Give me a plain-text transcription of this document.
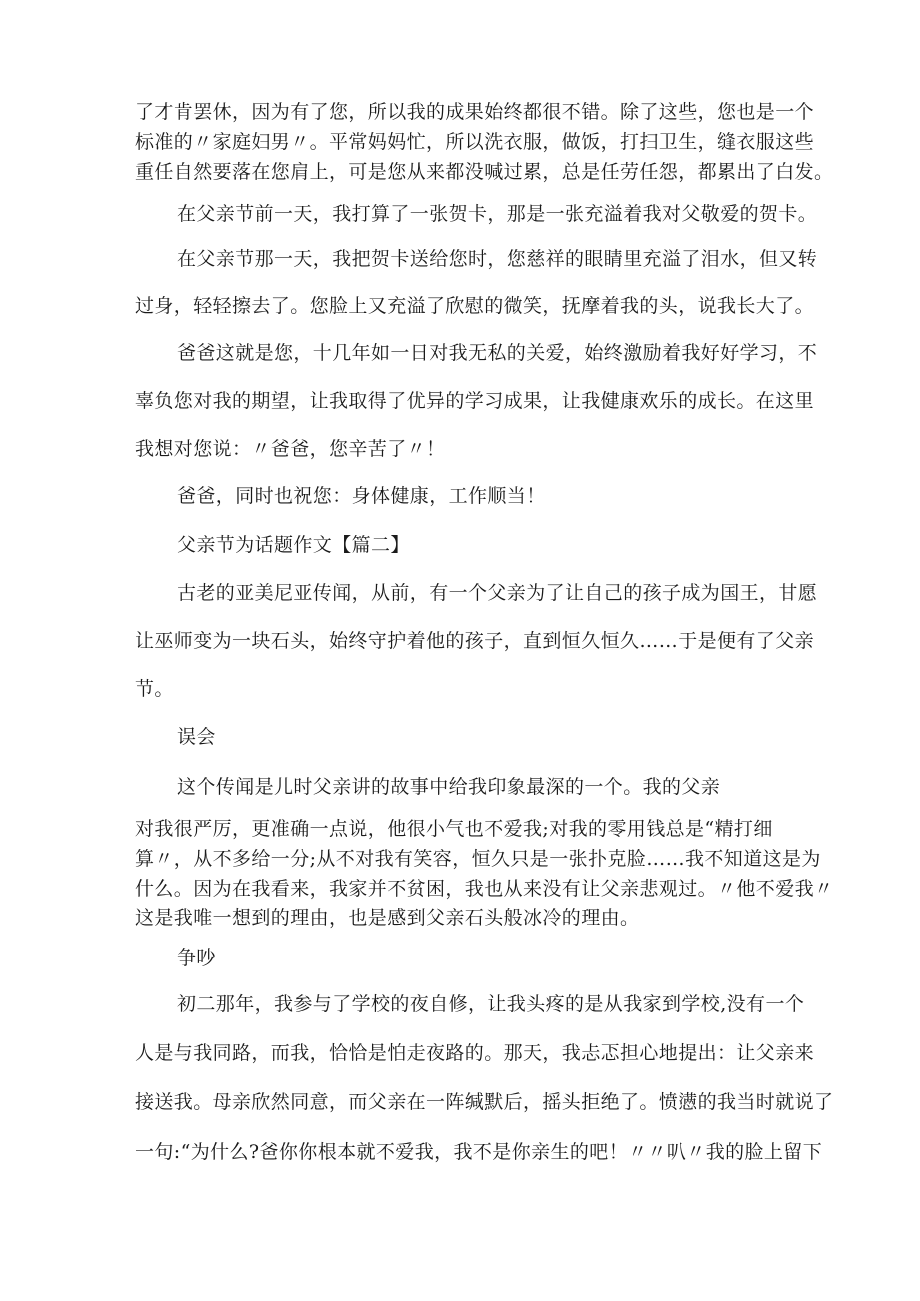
了才肯罢休，因为有了您，所以我的成果始终都很不错。除了这些，您也是一个
标准的〃家庭妇男〃。平常妈妈忙，所以洗衣服，做饭，打扫卫生，缝衣服这些
重任自然要落在您肩上，可是您从来都没喊过累，总是任劳任怨，都累出了白发。
在父亲节前一天，我打算了一张贺卡，那是一张充溢着我对父敬爱的贺卡。
在父亲节那一天，我把贺卡送给您时，您慈祥的眼睛里充溢了泪水，但又转
过身，轻轻擦去了。您脸上又充溢了欣慰的微笑，抚摩着我的头，说我长大了。
爸爸这就是您，十几年如一日对我无私的关爱，始终激励着我好好学习，不
辜负您对我的期望，让我取得了优异的学习成果，让我健康欢乐的成长。在这里
我想对您说：〃爸爸，您辛苦了〃！
爸爸，同时也祝您：身体健康，工作顺当！
父亲节为话题作文【篇二】
古老的亚美尼亚传闻，从前，有一个父亲为了让自己的孩子成为国王，甘愿
让巫师变为一块石头，始终守护着他的孩子，直到恒久恒久……于是便有了父亲
节。
误会
这个传闻是儿时父亲讲的故事中给我印象最深的一个。我的父亲
对我很严厉，更准确一点说，他很小气也不爱我;对我的零用钱总是“精打细
算〃，从不多给一分;从不对我有笑容，恒久只是一张扑克脸……我不知道这是为
什么。因为在我看来，我家并不贫困，我也从来没有让父亲悲观过。〃他不爱我〃
这是我唯一想到的理由，也是感到父亲石头般冰冷的理由。
争吵
初二那年，我参与了学校的夜自修，让我头疼的是从我家到学校,没有一个
人是与我同路，而我，恰恰是怕走夜路的。那天，我忐忑担心地提出：让父亲来
接送我。母亲欣然同意，而父亲在一阵缄默后，摇头拒绝了。愤懑的我当时就说了
一句:“为什么?爸你你根本就不爱我，我不是你亲生的吧！〃〃叭〃我的脸上留下
